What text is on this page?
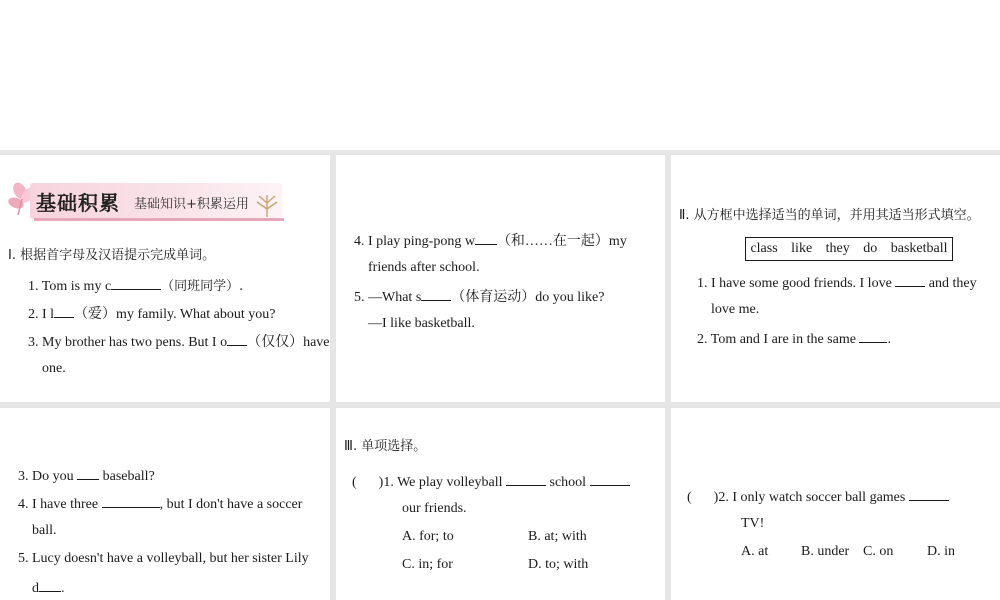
基础积累 基础知识+积累运用
Ⅰ. 根据首字母及汉语提示完成单词。
1. Tom is my c	（同班同学）.
2. I l （爱）my family. What about you?
3. My brother has two pens. But I o （仅仅）have
one.
4. I play ping-pong w （和……在一起）my
friends after school.
5. —What s （体育运动）do you like?
—I like basketball.
Ⅱ. 从方框中选择适当的单词，并用其适当形式填空。
class like they do basketball
1. I have some good friends. I love	and they
love me.
2. Tom and I are in the same .
3. Do you baseball?
4. I have three	, but I don't have a soccer
ball.
5. Lucy doesn't have a volleyball, but her sister Lily
d .
Ⅲ. 单项选择。
( )1. We play volleyball	school
our friends.
A. for; to	B. at; with
C. in; for	D. to; with
( )2. I only watch soccer ball games
TV!
A. at B. under C. on D. in
